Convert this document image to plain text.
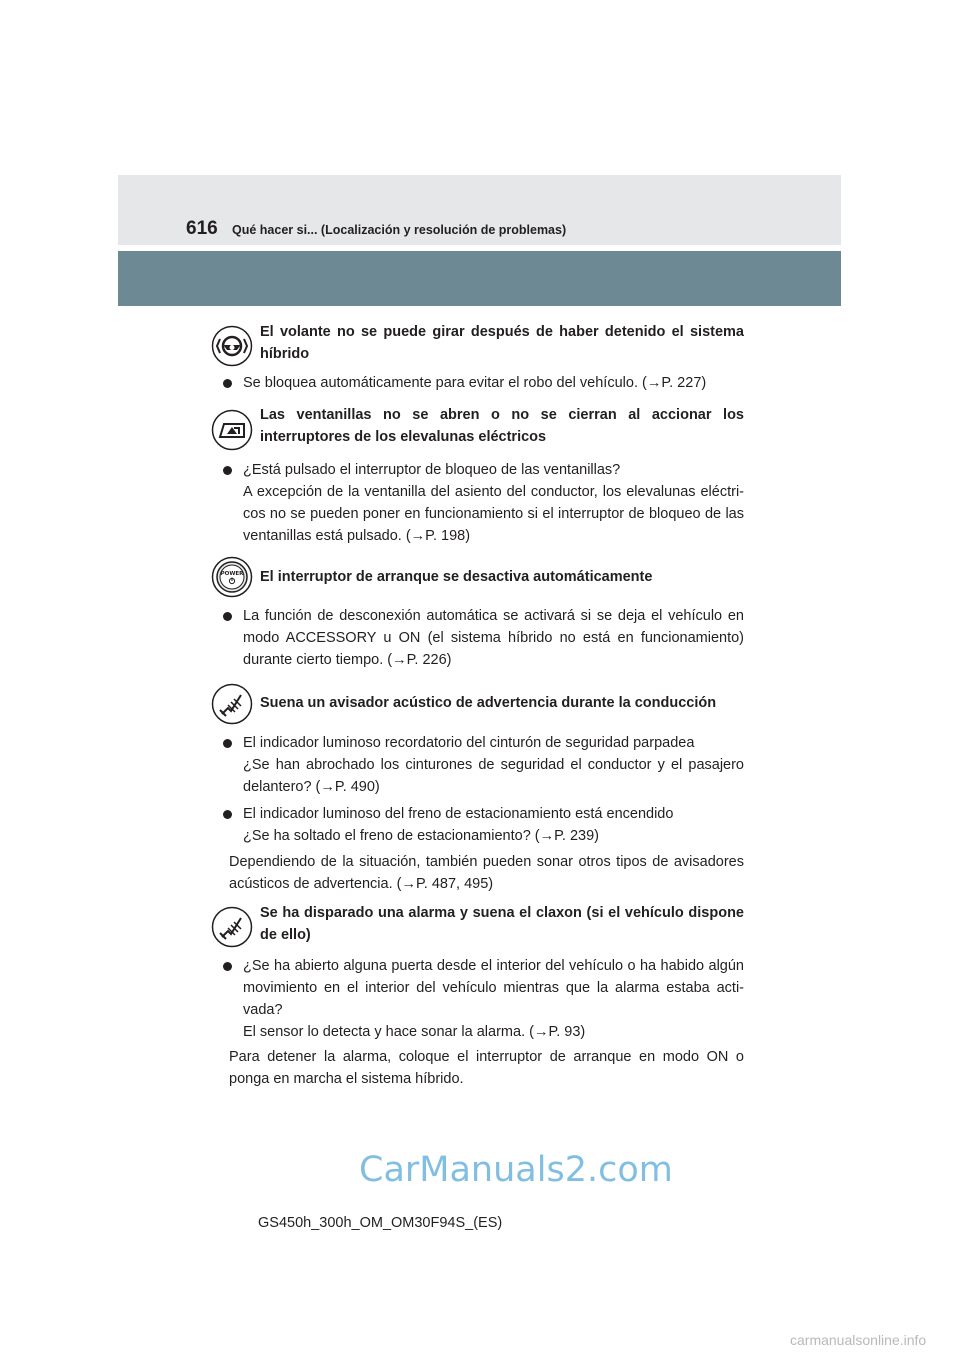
616 Qué hacer si... (Localización y resolución de problemas)
El volante no se puede girar después de haber detenido el sistema híbrido
Se bloquea automáticamente para evitar el robo del vehículo. (→P. 227)
Las ventanillas no se abren o no se cierran al accionar los interruptores de los elevalunas eléctricos
¿Está pulsado el interruptor de bloqueo de las ventanillas?
A excepción de la ventanilla del asiento del conductor, los elevalunas eléctri-cos no se pueden poner en funcionamiento si el interruptor de bloqueo de las ventanillas está pulsado. (→P. 198)
POWER El interruptor de arranque se desactiva automáticamente
La función de desconexión automática se activará si se deja el vehículo en modo ACCESSORY u ON (el sistema híbrido no está en funcionamiento) durante cierto tiempo. (→P. 226)
Suena un avisador acústico de advertencia durante la conducción
El indicador luminoso recordatorio del cinturón de seguridad parpadea
¿Se han abrochado los cinturones de seguridad el conductor y el pasajero delantero? (→P. 490)
El indicador luminoso del freno de estacionamiento está encendido
¿Se ha soltado el freno de estacionamiento? (→P. 239)
Dependiendo de la situación, también pueden sonar otros tipos de avisadores acústicos de advertencia. (→P. 487, 495)
Se ha disparado una alarma y suena el claxon (si el vehículo dispone de ello)
¿Se ha abierto alguna puerta desde el interior del vehículo o ha habido algún movimiento en el interior del vehículo mientras que la alarma estaba acti-vada?
El sensor lo detecta y hace sonar la alarma. (→P. 93)
Para detener la alarma, coloque el interruptor de arranque en modo ON o ponga en marcha el sistema híbrido.
CarManuals2.com
GS450h_300h_OM_OM30F94S_(ES)
carmanualsonline.info
